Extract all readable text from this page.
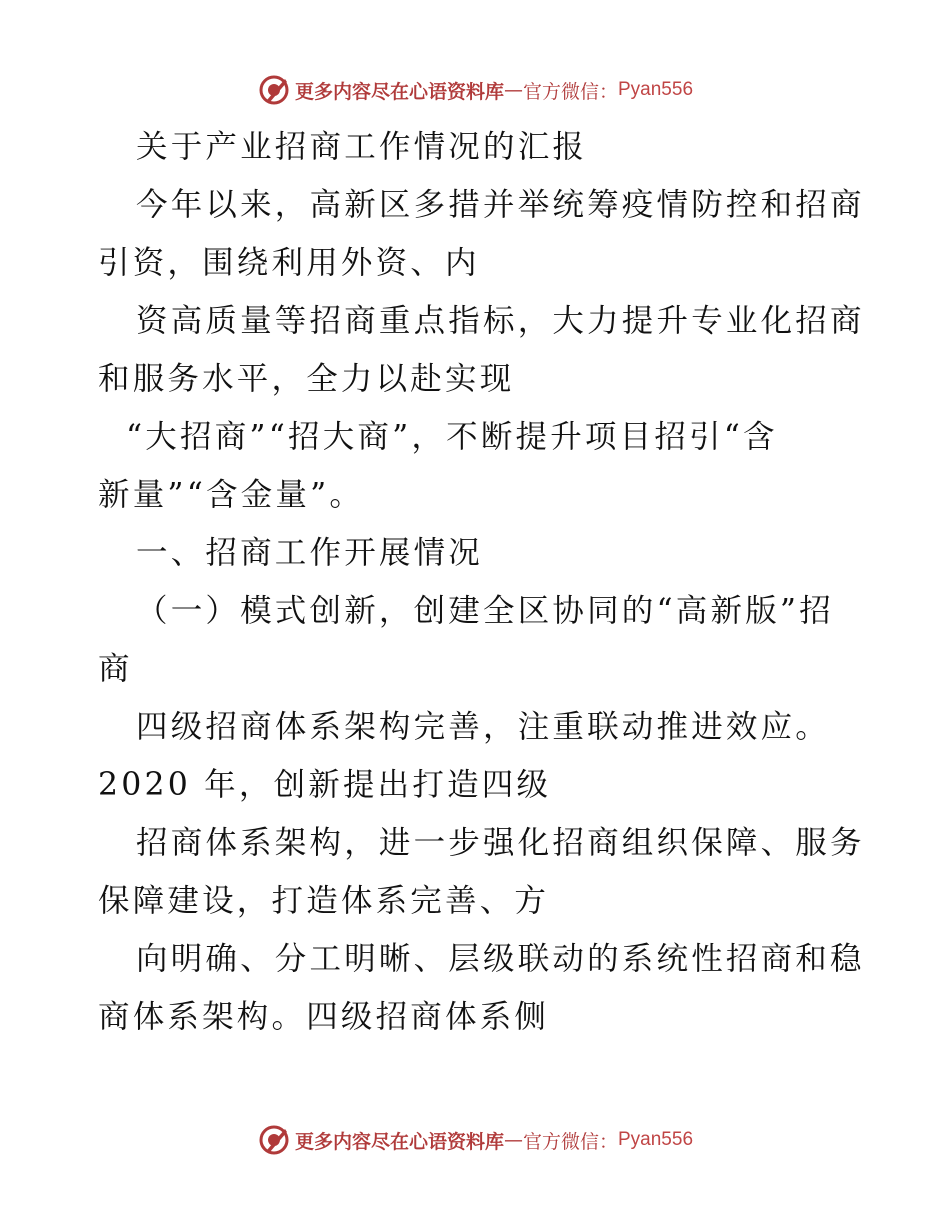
更多内容尽在心语资料库 — 官方微信： Pyan556
关于产业招商工作情况的汇报
今年以来，高新区多措并举统筹疫情防控和招商
引资，围绕利用外资、内
资高质量等招商重点指标，大力提升专业化招商
和服务水平，全力以赴实现
“大招商”“招大商”，不断提升项目招引“含
新量”“含金量”。
一、招商工作开展情况
（一）模式创新，创建全区协同的“高新版”招
商
四级招商体系架构完善，注重联动推进效应。
2020 年，创新提出打造四级
招商体系架构，进一步强化招商组织保障、服务
保障建设，打造体系完善、方
向明确、分工明晰、层级联动的系统性招商和稳
商体系架构。四级招商体系侧
更多内容尽在心语资料库 — 官方微信： Pyan556
